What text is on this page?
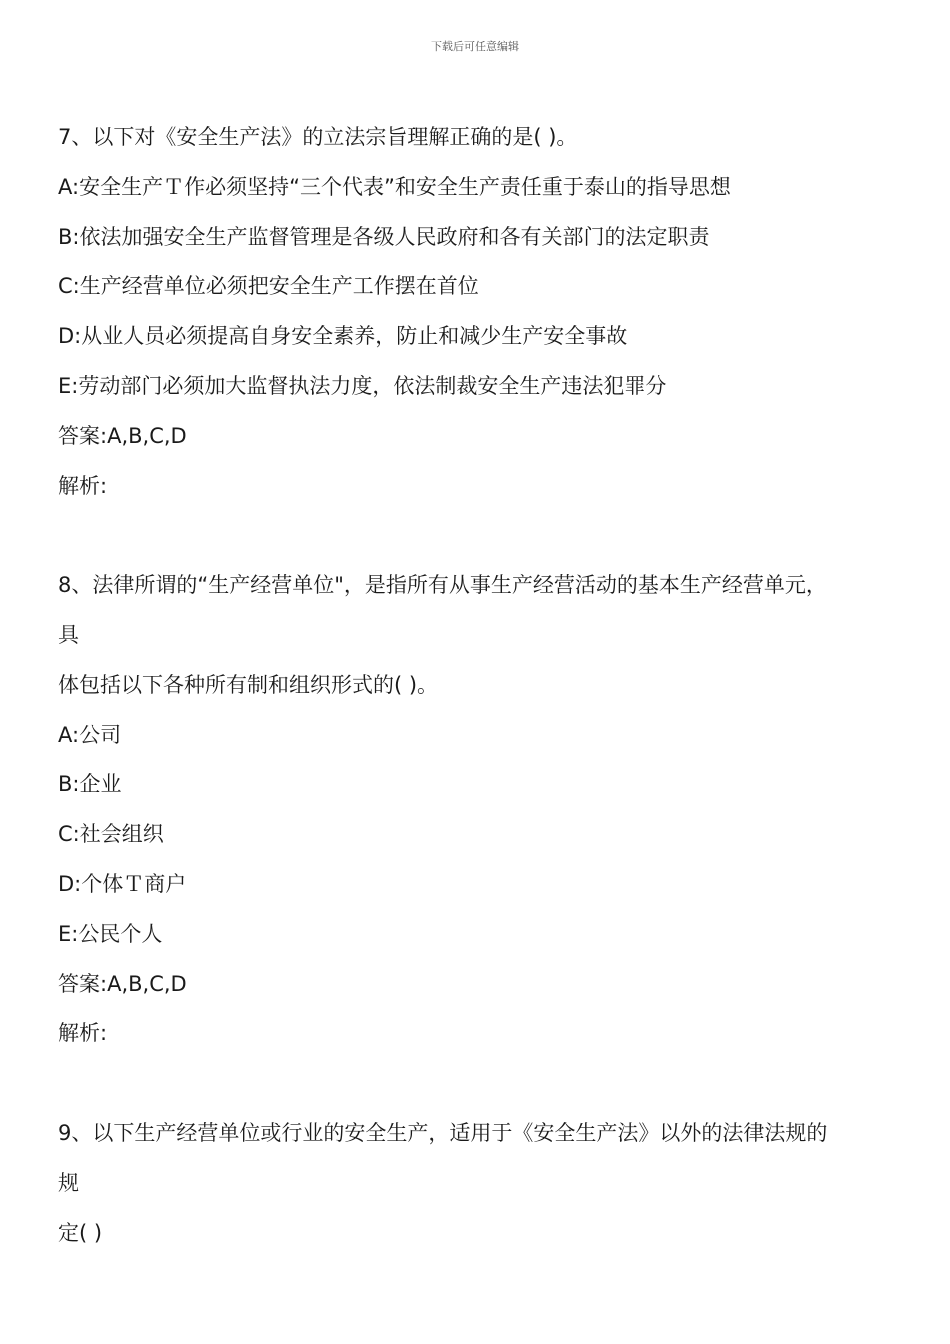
下载后可任意编辑
7、以下对《安全生产法》的立法宗旨理解正确的是( )。
A:安全生产Ｔ作必须坚持“三个代表”和安全生产责任重于泰山的指导思想
B:依法加强安全生产监督管理是各级人民政府和各有关部门的法定职责
C:生产经营单位必须把安全生产工作摆在首位
D:从业人员必须提高自身安全素养，防止和减少生产安全事故
E:劳动部门必须加大监督执法力度，依法制裁安全生产违法犯罪分
答案:A,B,C,D
解析:
8、法律所谓的“生产经营单位"，是指所有从事生产经营活动的基本生产经营单元，
具
体包括以下各种所有制和组织形式的( )。
A:公司
B:企业
C:社会组织
D:个体Ｔ商户
E:公民个人
答案:A,B,C,D
解析:
9、以下生产经营单位或行业的安全生产，适用于《安全生产法》以外的法律法规的
规
定( )
